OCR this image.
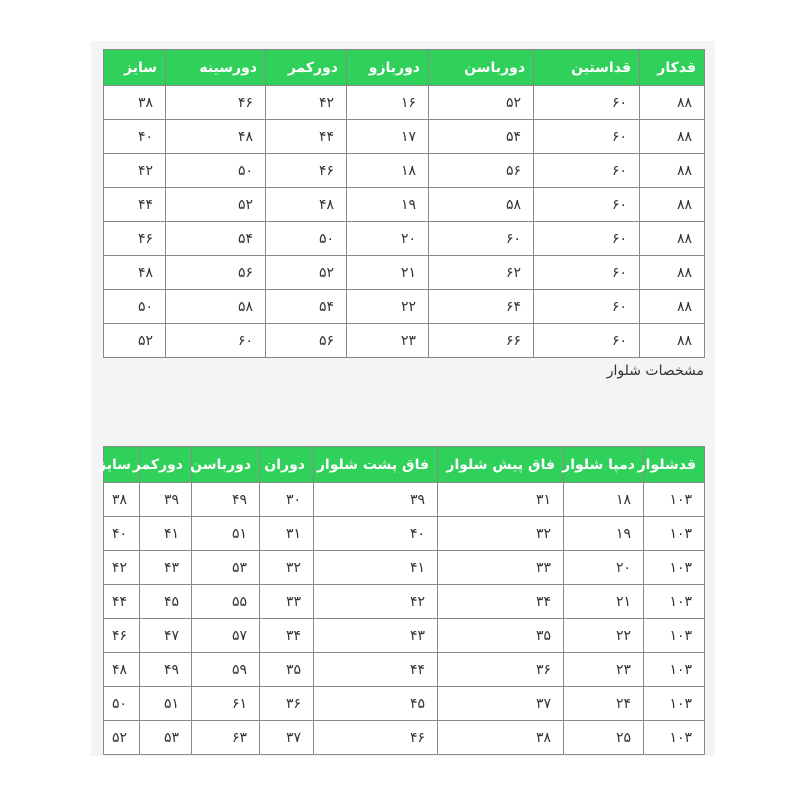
قدکار	قداستین	دورباسن	دوربازو	دورکمر	دورسینه	سایز
۸۸	۶۰	۵۲	۱۶	۴۲	۴۶	۳۸
۸۸	۶۰	۵۴	۱۷	۴۴	۴۸	۴۰
۸۸	۶۰	۵۶	۱۸	۴۶	۵۰	۴۲
۸۸	۶۰	۵۸	۱۹	۴۸	۵۲	۴۴
۸۸	۶۰	۶۰	۲۰	۵۰	۵۴	۴۶
۸۸	۶۰	۶۲	۲۱	۵۲	۵۶	۴۸
۸۸	۶۰	۶۴	۲۲	۵۴	۵۸	۵۰
۸۸	۶۰	۶۶	۲۳	۵۶	۶۰	۵۲
مشخصات شلوار
قدشلوار	دمپا شلوار	فاق پیش شلوار	فاق پشت شلوار	دوران	دورباسن	دورکمر	سایز
۱۰۳	۱۸	۳۱	۳۹	۳۰	۴۹	۳۹	۳۸
۱۰۳	۱۹	۳۲	۴۰	۳۱	۵۱	۴۱	۴۰
۱۰۳	۲۰	۳۳	۴۱	۳۲	۵۳	۴۳	۴۲
۱۰۳	۲۱	۳۴	۴۲	۳۳	۵۵	۴۵	۴۴
۱۰۳	۲۲	۳۵	۴۳	۳۴	۵۷	۴۷	۴۶
۱۰۳	۲۳	۳۶	۴۴	۳۵	۵۹	۴۹	۴۸
۱۰۳	۲۴	۳۷	۴۵	۳۶	۶۱	۵۱	۵۰
۱۰۳	۲۵	۳۸	۴۶	۳۷	۶۳	۵۳	۵۲
